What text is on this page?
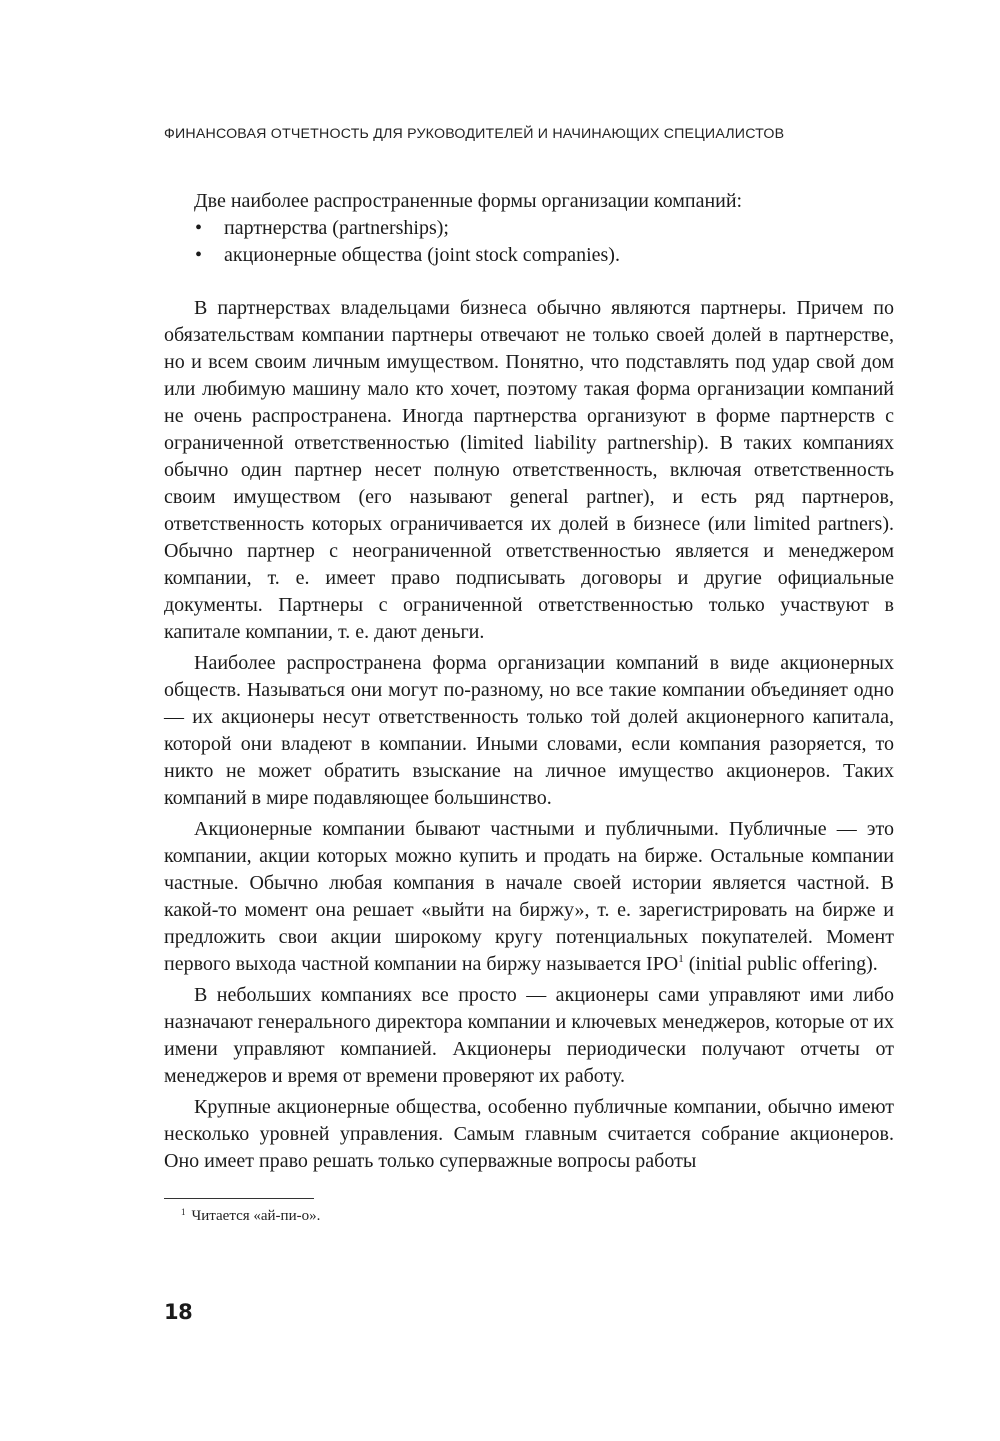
ФИНАНСОВАЯ ОТЧЕТНОСТЬ ДЛЯ РУКОВОДИТЕЛЕЙ И НАЧИНАЮЩИХ СПЕЦИАЛИСТОВ

Две наиболее распространенные формы организации компаний:

• партнерства (partnerships);
• акционерные общества (joint stock companies).

В партнерствах владельцами бизнеса обычно являются партнеры. Причем по обязательствам компании партнеры отвечают не только своей долей в партнерстве, но и всем своим личным имуществом. Понятно, что подставлять под удар свой дом или любимую машину мало кто хочет, поэтому такая форма организации компаний не очень распространена. Иногда партнерства организуют в форме партнерств с ограниченной ответственностью (limited liability partnership). В таких компаниях обычно один партнер несет полную ответственность, включая ответственность своим имуществом (его называют general partner), и есть ряд партнеров, ответственность которых ограничивается их долей в бизнесе (или limited partners). Обычно партнер с неограниченной ответственностью является и менеджером компании, т. е. имеет право подписывать договоры и другие официальные документы. Партнеры с ограниченной ответственностью только участвуют в капитале компании, т. е. дают деньги.

Наиболее распространена форма организации компаний в виде акционерных обществ. Называться они могут по-разному, но все такие компании объединяет одно — их акционеры несут ответственность только той долей акционерного капитала, которой они владеют в компании. Иными словами, если компания разоряется, то никто не может обратить взыскание на личное имущество акционеров. Таких компаний в мире подавляющее большинство.

Акционерные компании бывают частными и публичными. Публичные — это компании, акции которых можно купить и продать на бирже. Остальные компании частные. Обычно любая компания в начале своей истории является частной. В какой-то момент она решает «выйти на биржу», т. е. зарегистрировать на бирже и предложить свои акции широкому кругу потенциальных покупателей. Момент первого выхода частной компании на биржу называется IPO$^1$ (initial public offering).

В небольших компаниях все просто — акционеры сами управляют ими либо назначают генерального директора компании и ключевых менеджеров, которые от их имени управляют компанией. Акционеры периодически получают отчеты от менеджеров и время от времени проверяют их работу.

Крупные акционерные общества, особенно публичные компании, обычно имеют несколько уровней управления. Самым главным считается собрание акционеров. Оно имеет право решать только суперважные вопросы работы

$^1$ Читается «ай-пи-о».
18
